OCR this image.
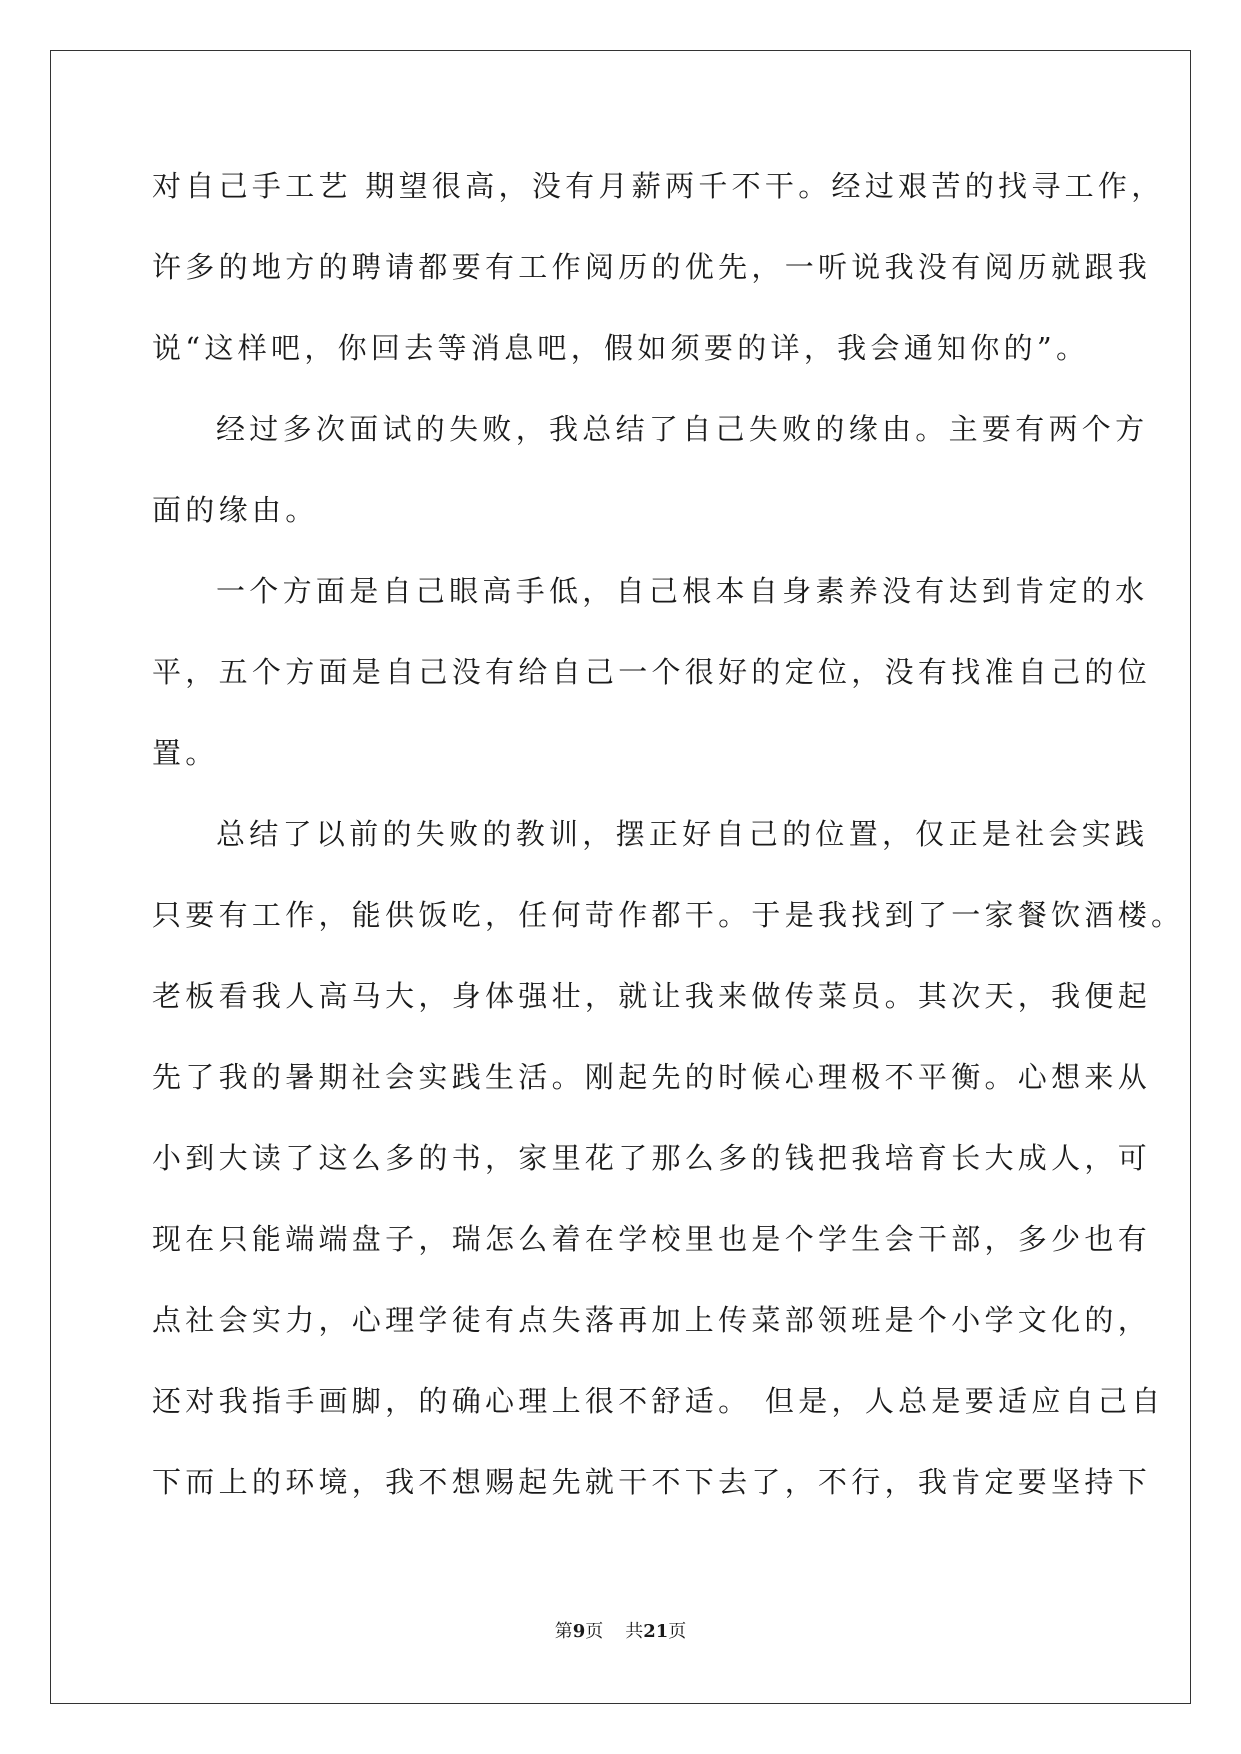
对自己手工艺 期望很高，没有月薪两千不干。经过艰苦的找寻工作，
许多的地方的聘请都要有工作阅历的优先，一听说我没有阅历就跟我
说“这样吧，你回去等消息吧，假如须要的详，我会通知你的”。
经过多次面试的失败，我总结了自己失败的缘由。主要有两个方
面的缘由。
一个方面是自己眼高手低，自己根本自身素养没有达到肯定的水
平，五个方面是自己没有给自己一个很好的定位，没有找准自己的位
置。
总结了以前的失败的教训，摆正好自己的位置，仅正是社会实践
只要有工作，能供饭吃，任何苛作都干。于是我找到了一家餐饮酒楼。
老板看我人高马大，身体强壮，就让我来做传菜员。其次天，我便起
先了我的暑期社会实践生活。刚起先的时候心理极不平衡。心想来从
小到大读了这么多的书，家里花了那么多的钱把我培育长大成人，可
现在只能端端盘子，瑞怎么着在学校里也是个学生会干部，多少也有
点社会实力，心理学徒有点失落再加上传菜部领班是个小学文化的，
还对我指手画脚，的确心理上很不舒适。 但是，人总是要适应自己自
下而上的环境，我不想赐起先就干不下去了，不行，我肯定要坚持下
第9页 共21页
